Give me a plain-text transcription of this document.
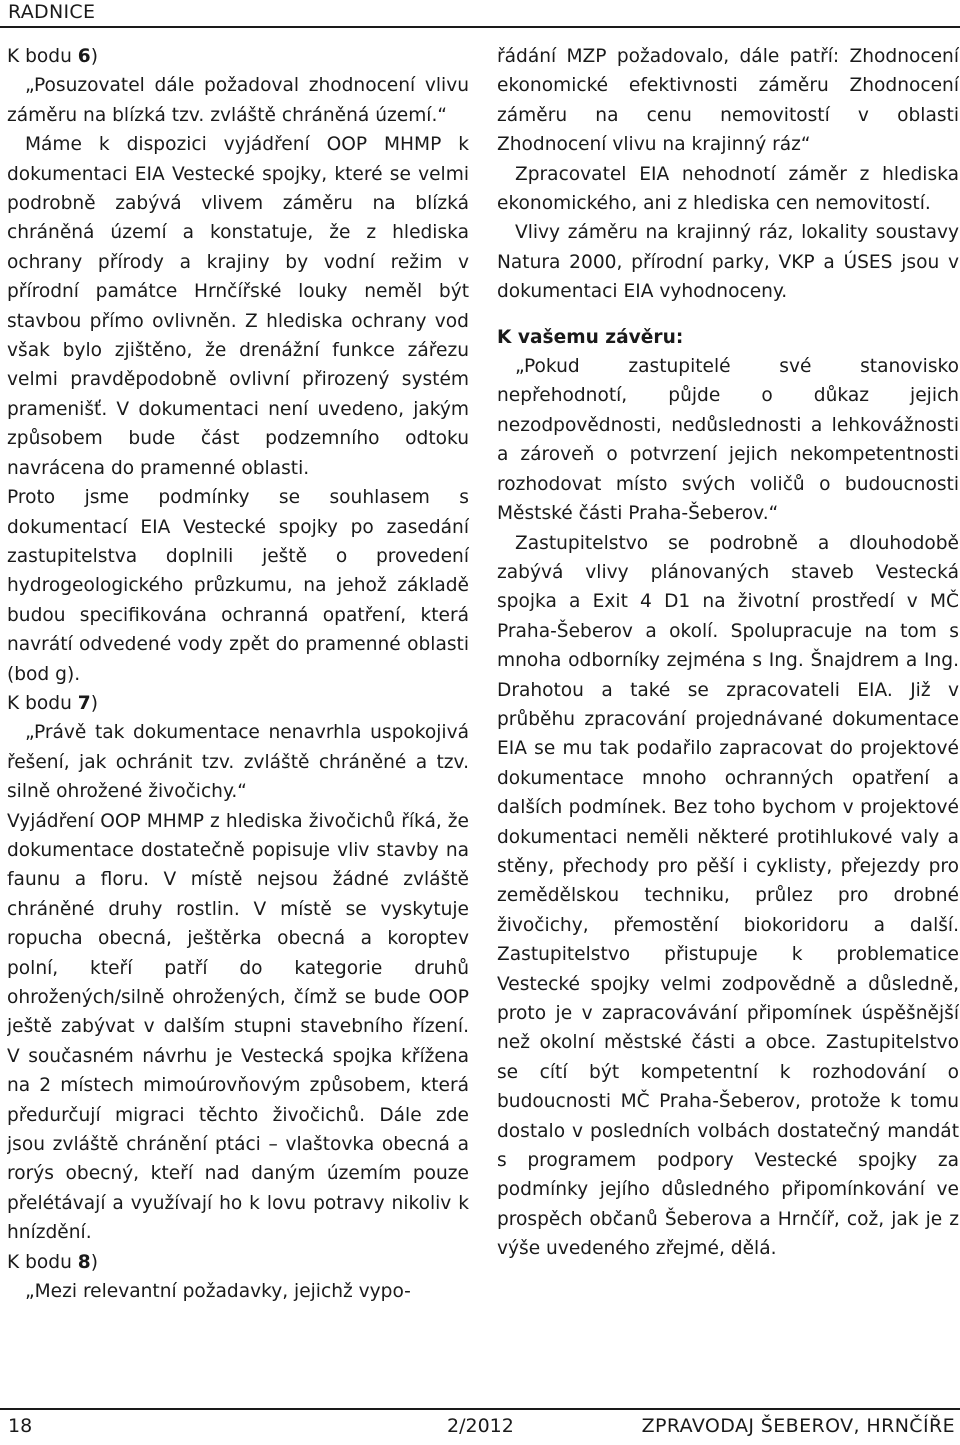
RADNICE

K bodu 6)

„Posuzovatel dále požadoval zhodnocení vlivu záměru na blízká tzv. zvláště chráněná území.“

Máme k dispozici vyjádření OOP MHMP k dokumentaci EIA Vestecké spojky, které se velmi podrobně zabývá vlivem záměru na blízká chráněná území a konstatuje, že z hlediska ochrany přírody a krajiny by vodní režim v přírodní památce Hrnčířské louky neměl být stavbou přímo ovlivněn. Z hlediska ochrany vod však bylo zjištěno, že drenážní funkce zářezu velmi pravděpodobně ovlivní přirozený systém pramenišť. V dokumentaci není uvedeno, jakým způsobem bude část podzemního odtoku navrácena do pramenné oblasti.

Proto jsme podmínky se souhlasem s dokumentací EIA Vestecké spojky po zasedání zastupitelstva doplnili ještě o provedení hydrogeologického průzkumu, na jehož základě budou specifikována ochranná opatření, která navrátí odvedené vody zpět do pramenné oblasti (bod g).

K bodu 7)

„Právě tak dokumentace nenavrhla uspokojivá řešení, jak ochránit tzv. zvláště chráněné a tzv. silně ohrožené živočichy.“

Vyjádření OOP MHMP z hlediska živočichů říká, že dokumentace dostatečně popisuje vliv stavby na faunu a floru. V místě nejsou žádné zvláště chráněné druhy rostlin. V místě se vyskytuje ropucha obecná, ještěrka obecná a koroptev polní, kteří patří do kategorie druhů ohrožených/silně ohrožených, čímž se bude OOP ještě zabývat v dalším stupni stavebního řízení. V současném návrhu je Vestecká spojka křížena na 2 místech mimoúrovňovým způsobem, která předurčují migraci těchto živočichů. Dále zde jsou zvláště chránění ptáci – vlaštovka obecná a rorýs obecný, kteří nad daným územím pouze přelétávají a využívají ho k lovu potravy nikoliv k hnízdění.

K bodu 8)

„Mezi relevantní požadavky, jejichž vypo-

řádání MZP požadovalo, dále patří: Zhodnocení ekonomické efektivnosti záměru Zhodnocení záměru na cenu nemovitostí v oblasti Zhodnocení vlivu na krajinný ráz“

Zpracovatel EIA nehodnotí záměr z hlediska ekonomického, ani z hlediska cen nemovitostí.

Vlivy záměru na krajinný ráz, lokality soustavy Natura 2000, přírodní parky, VKP a ÚSES jsou v dokumentaci EIA vyhodnoceny.

K vašemu závěru:

„Pokud zastupitelé své stanovisko nepřehodnotí, půjde o důkaz jejich nezodpovědnosti, nedůslednosti a lehkovážnosti a zároveň o potvrzení jejich nekompetentnosti rozhodovat místo svých voličů o budoucnosti Městské části Praha-Šeberov.“

Zastupitelstvo se podrobně a dlouhodobě zabývá vlivy plánovaných staveb Vestecká spojka a Exit 4 D1 na životní prostředí v MČ Praha-Šeberov a okolí. Spolupracuje na tom s mnoha odborníky zejména s Ing. Šnajdrem a Ing. Drahotou a také se zpracovateli EIA. Již v průběhu zpracování projednávané dokumentace EIA se mu tak podařilo zapracovat do projektové dokumentace mnoho ochranných opatření a dalších podmínek. Bez toho bychom v projektové dokumentaci neměli některé protihlukové valy a stěny, přechody pro pěší i cyklisty, přejezdy pro zemědělskou techniku, průlez pro drobné živočichy, přemostění biokoridoru a další. Zastupitelstvo přistupuje k problematice Vestecké spojky velmi zodpovědně a důsledně, proto je v zapracovávání připomínek úspěšnější než okolní městské části a obce. Zastupitelstvo se cítí být kompetentní k rozhodování o budoucnosti MČ Praha-Šeberov, protože k tomu dostalo v posledních volbách dostatečný mandát s programem podpory Vestecké spojky za podmínky jejího důsledného připomínkování ve prospěch občanů Šeberova a Hrnčíř, což, jak je z výše uvedeného zřejmé, dělá.

18	2/2012	ZPRAVODAJ ŠEBEROV, HRNČÍŘE
